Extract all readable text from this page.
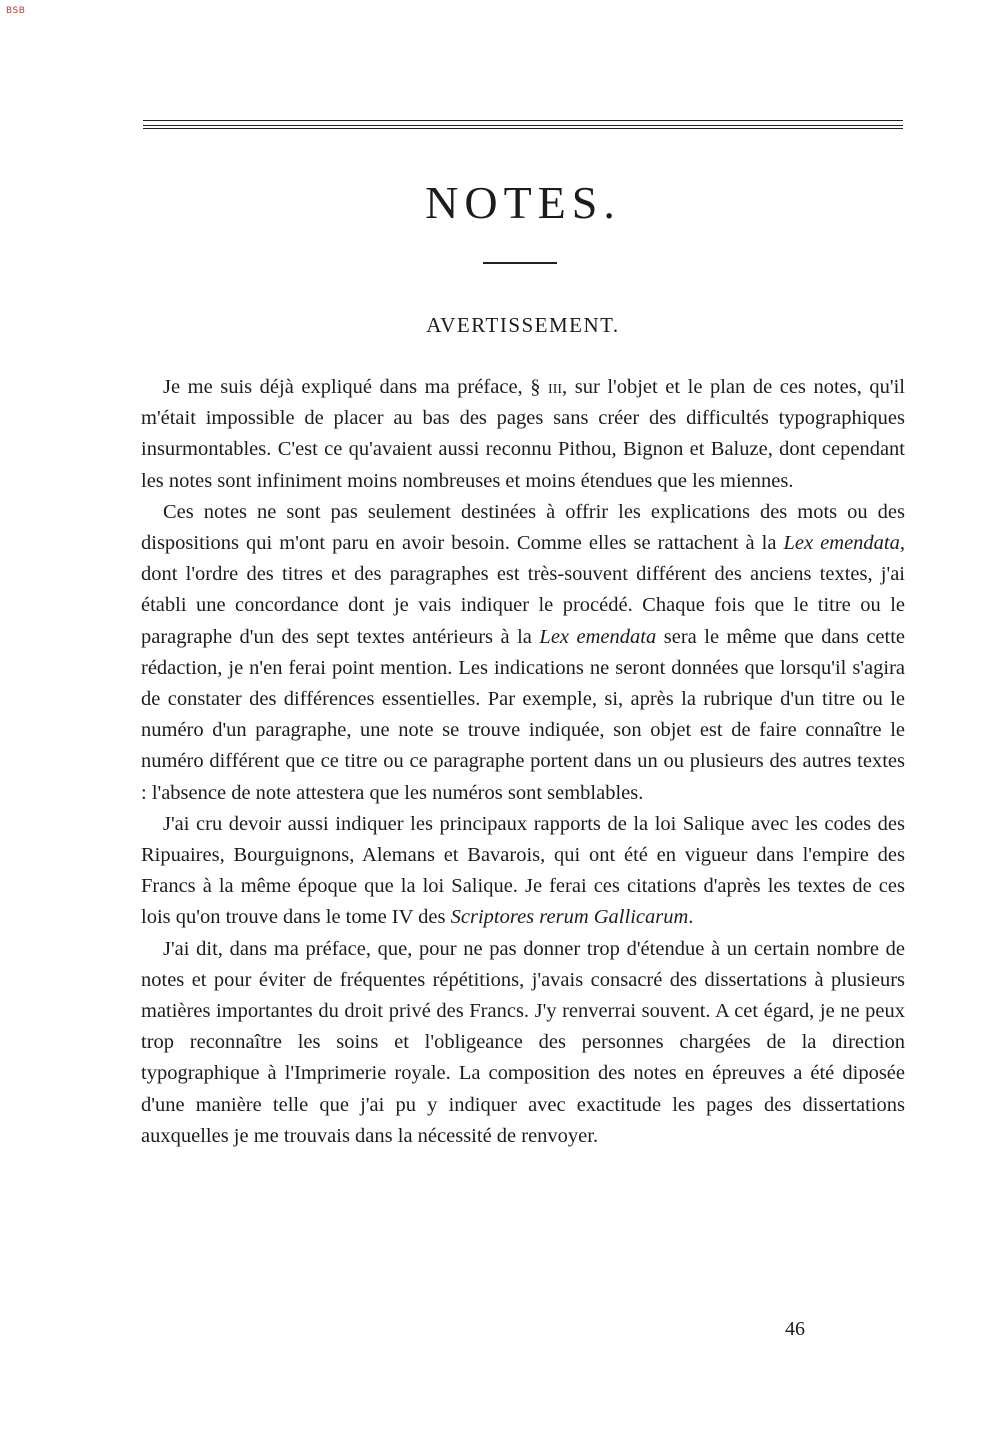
BSB
NOTES.
AVERTISSEMENT.

Je me suis déjà expliqué dans ma préface, § iii, sur l'objet et le plan de ces notes, qu'il m'était impossible de placer au bas des pages sans créer des difficultés typographiques insurmontables. C'est ce qu'avaient aussi reconnu Pithou, Bignon et Baluze, dont cependant les notes sont infiniment moins nombreuses et moins étendues que les miennes.

Ces notes ne sont pas seulement destinées à offrir les explications des mots ou des dispositions qui m'ont paru en avoir besoin. Comme elles se rattachent à la Lex emendata, dont l'ordre des titres et des paragraphes est très-souvent différent des anciens textes, j'ai établi une concordance dont je vais indiquer le procédé. Chaque fois que le titre ou le paragraphe d'un des sept textes antérieurs à la Lex emendata sera le même que dans cette rédaction, je n'en ferai point mention. Les indications ne seront données que lorsqu'il s'agira de constater des différences essentielles. Par exemple, si, après la rubrique d'un titre ou le numéro d'un paragraphe, une note se trouve indiquée, son objet est de faire connaître le numéro différent que ce titre ou ce paragraphe portent dans un ou plusieurs des autres textes : l'absence de note attestera que les numéros sont semblables.

J'ai cru devoir aussi indiquer les principaux rapports de la loi Salique avec les codes des Ripuaires, Bourguignons, Alemans et Bavarois, qui ont été en vigueur dans l'empire des Francs à la même époque que la loi Salique. Je ferai ces citations d'après les textes de ces lois qu'on trouve dans le tome IV des Scriptores rerum Gallicarum.

J'ai dit, dans ma préface, que, pour ne pas donner trop d'étendue à un certain nombre de notes et pour éviter de fréquentes répétitions, j'avais consacré des dissertations à plusieurs matières importantes du droit privé des Francs. J'y renverrai souvent. A cet égard, je ne peux trop reconnaître les soins et l'obligeance des personnes chargées de la direction typographique à l'Imprimerie royale. La composition des notes en épreuves a été diposée d'une manière telle que j'ai pu y indiquer avec exactitude les pages des dissertations auxquelles je me trouvais dans la nécessité de renvoyer.

46
